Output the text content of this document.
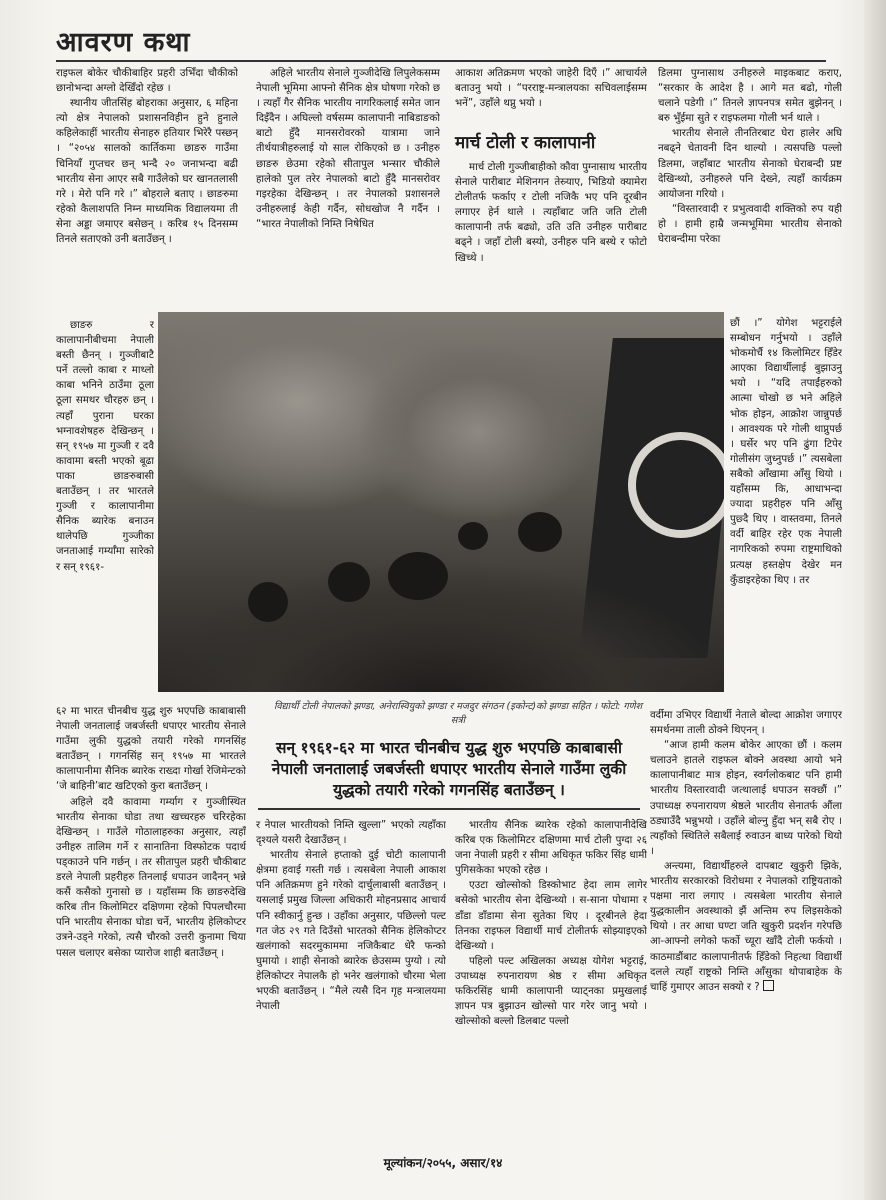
आवरण कथा

राइफल बोकेर चौकीबाहिर प्रहरी उभिँदा चौकीको छानोभन्दा अग्लो देखिँदो रहेछ ।

स्थानीय जीतसिंह बोहराका अनुसार, ६ महिना त्यो क्षेत्र नेपालको प्रशासनविहीन हुने हुनाले कहिलेकाहीं भारतीय सेनाहरु हतियार भिरेरै पस्छन् । “२०५४ सालको कार्तिकमा छाङरु गाउँमा चिनियाँ गुप्तचर छन् भन्दै २० जनाभन्दा बढी भारतीय सेना आएर सबै गाउँलेको घर खानतलासी गरे । मेरो पनि गरे ।” बोहराले बताए । छाङरुमा रहेको कैलाशपति निम्न माध्यमिक विद्यालयमा ती सेना अड्डा जमाएर बसेछन् । करिब १५ दिनसम्म तिनले सताएको उनी बताउँछन् ।

छाङरु र कालापानीबीचमा नेपाली बस्ती छैनन् । गुञ्जीबाटै पर्ने तल्लो काबा र माथ्लो काबा भनिने ठाउँमा ठूला ठूला समथर चौरहरु छन् । त्यहाँ पुराना घरका भग्नावशेषहरु देखिन्छन् । सन् १९५७ मा गुञ्जी र दवै कावामा बस्ती भएको बूढा पाका छाङरुबासी बताउँछन् । तर भारतले गुञ्जी र कालापानीमा सैनिक ब्यारेक बनाउन थालेपछि गुञ्जीका जनताआई गर्म्याँमा सारेको र सन् १९६१-

६२ मा भारत चीनबीच युद्ध शुरु भएपछि काबाबासी नेपाली जनतालाई जबर्जस्ती धपाएर भारतीय सेनाले गाउँमा लुकी युद्धको तयारी गरेको गगनसिंह बताउँछन् । गगनसिंह सन् १९५७ मा भारतले कालापानीमा सैनिक ब्यारेक राख्दा गोर्खा रेजिमेन्टको ‘जे बाहिनी’बाट खटिएको कुरा बताउँछन् ।

अहिले दवै कावामा गर्म्याग र गुञ्जीस्थित भारतीय सेनाका घोडा तथा खच्चरहरु चरिरहेका देखिन्छन् । गाउँले गोठालाहरुका अनुसार, त्यहाँ उनीहरु तालिम गर्ने र सानातिना विस्फोटक पदार्थ पड्काउने पनि गर्छन् । तर सीतापुल प्रहरी चौकीबाट डरले नेपाली प्रहरीहरु तिनलाई धपाउन जादैनन् भन्ने कसैं कसैको गुनासो छ । यहाँसम्म कि छाङरुदेखि करिब तीन किलोमिटर दक्षिणमा रहेको पिपलचौरमा पनि भारतीय सेनाका घोडा चर्ने, भारतीय हेलिकोप्टर उत्रने-उड्ने गरेको, त्यसै चौरको उत्तरी कुनामा चिया पसल चलाएर बसेका प्यारोज शाही बताउँछन् ।

अहिले भारतीय सेनाले गुञ्जीदेखि लिपुलेकसम्म नेपाली भूमिमा आफ्नो सैनिक क्षेत्र घोषणा गरेको छ । त्यहाँ गैर सैनिक भारतीय नागरिकलाई समेत जान दिइँदैन । अघिल्लो वर्षसम्म कालापानी नाबिडाङको बाटो हुँदै मानसरोवरको यात्रामा जाने तीर्थयात्रीहरुलाई यो साल रोकिएको छ । उनीहरु छाङरु छेउमा रहेको सीतापुल भन्सार चौकीले हालेको पुल तरेर नेपालको बाटो हुँदै मानसरोवर गइरहेका देखिन्छन् । तर नेपालको प्रशासनले उनीहरुलाई केही गर्दैन, सोधखोज नै गर्दैन । “भारत नेपालीको निम्ति निषेधित

र नेपाल भारतीयको निम्ति खुल्ला” भएको त्यहाँका दृश्यले यसरी देखाउँछन् ।

भारतीय सेनाले हप्ताको दुई चोटी कालापानी क्षेत्रमा हवाई गस्ती गर्छ । त्यसबेला नेपाली आकाश पनि अतिक्रमण हुने गरेको दार्चुलाबासी बताउँछन् । यसलाई प्रमुख जिल्ला अधिकारी मोहनप्रसाद आचार्य पनि स्वीकार्नु हुन्छ । उहाँका अनुसार, पछिल्लो पल्ट गत जेठ २९ गते दिउँसो भारतको सैनिक हेलिकोप्टर खलंगाको सदरमुकाममा नजिकैबाट धेरै फन्को घुमायो । शाही सेनाको ब्यारेक छेउसम्म पुग्यो । त्यो हेलिकोप्टर नेपालकै हो भनेर खलंगाको चौरमा भेला भएकी बताउँछन् । “मैले त्यसै दिन गृह मन्त्रालयमा नेपाली

आकाश अतिक्रमण भएको जाहेरी दिएँ ।” आचार्यले बताउनु भयो । “परराष्ट्र-मन्त्रालयका सचिवलाईसम्म भनें”, उहाँले थप्नु भयो ।

मार्च टोली र कालापानी

मार्च टोली गुञ्जीबाहीको कौवा पुग्नासाथ भारतीय सेनाले पारीबाट मेशिनगन तेस्र्याए, भिडियो क्यामेरा टोलीतर्फ फर्काए र टोली नजिकै भए पनि दूरबीन लगाएर हेर्न थाले । त्यहाँबाट जति जति टोली कालापानी तर्फ बढ्यो, उति उति उनीहरु पारीबाट बढ्ने । जहाँ टोली बस्यो, उनीहरु पनि बस्थे र फोटो खिच्थे ।

भारतीय सैनिक ब्यारेक रहेको कालापानीदेखि करिब एक किलोमिटर दक्षिणमा मार्च टोली पुग्दा २६ जना नेपाली प्रहरी र सीमा अधिकृत फकिर सिंह धामी पुगिसकेका भएको रहेछ ।

एउटा खोल्सोको डिस्कोभाट हेदा लाम लागेर बसेको भारतीय सेना देखिन्थ्यो । स-साना पोधामा र डाँडा डाँडामा सेना सुतेका थिए । दूरबीनले हेदा तिनका राइफल विद्यार्थी मार्च टोलीतर्फ सोझ्याइएको देखिन्थ्यो ।

पहिलो पल्ट अखिलका अध्यक्ष योगेश भट्टराई, उपाध्यक्ष रुपनारायण श्रेष्ठ र सीमा अधिकृत फकिरसिंह धामी कालापानी प्याट्नका प्रमुखलाई ज्ञापन पत्र बुझाउन खोल्सो पार गरेर जानु भयो । खोल्सोको बल्लो डिलबाट पल्लो

डिलमा पुग्नासाथ उनीहरुले माइकबाट कराए, “सरकार के आदेश है । आगे मत बढो, गोली चलाने पडेगी ।” तिनले ज्ञापनपत्र समेत बुझेनन् । बरु भुँईमा सुते र राइफलमा गोली भर्न थाले ।

भारतीय सेनाले तीनतिरबाट घेरा हालेर अघि नबढ्ने चेतावनी दिन थाल्यो । त्यसपछि पल्लो डिलमा, जहाँबाट भारतीय सेनाको घेराबन्दी प्रष्ट देखिन्थ्यो, उनीहरुले पनि देख्ने, त्यहाँ कार्यक्रम आयोजना गरियो ।

“विस्तारवादी र प्रभुत्ववादी शक्तिको रुप यही हो । हामी हाम्रै जन्मभूमिमा भारतीय सेनाको घेराबन्दीमा परेका

छौं ।” योगेश भट्टराईले सम्बोधन गर्नुभयो । उहाँले भोकमोर्चै १४ किलोमिटर हिँडेर आएका विद्यार्थीलाई बुझाउनु भयो । “यदि तपाईंहरुको आत्मा चोखो छ भने अहिले भोक होइन, आक्रोश जान्नुपर्छ । आवश्यक परे गोली थाप्नुपर्छ । घर्सेर भए पनि ढुंगा टिपेर गोलीसंग जुध्नुपर्छ ।” त्यसबेला सबैको आँखामा आँसु थियो । यहाँसम्म कि, आधाभन्दा ज्यादा प्रहरीहरु पनि आँसु पुछ्दै थिए । वास्तवमा, तिनले वर्दी बाहिर रहेर एक नेपाली नागरिकको रुपमा राष्ट्रमाथिको प्रत्यक्ष हस्तक्षेप देखेर मन कुँडाइरहेका थिए । तर

वर्दीमा उभिएर विद्यार्थी नेताले बोल्दा आक्रोश जगाएर समर्थनमा ताली ठोक्ने थिएनन् ।

“आज हामी कलम बोकेर आएका छौं । कलम चलाउने हातले राइफल बोक्ने अवस्था आयो भने कालापानीबाट मात्र होइन, स्वर्गलोकबाट पनि हामी भारतीय विस्तारवादी जत्थालाई धपाउन सक्छौं ।” उपाध्यक्ष रुपनारायण श्रेष्ठले भारतीय सेनातर्फ औंला ठड्याउँदै भन्नुभयो । उहाँले बोल्नु हुँदा भन् सबै रोए । त्यहाँको स्थितिले सबैलाई रुवाउन बाध्य पारेको थियो ।

अन्त्यमा, विद्यार्थीहरुले दापबाट खुकुरी झिके, भारतीय सरकारको विरोधमा र नेपालको राष्ट्रियताको पक्षमा नारा लगाए । त्यसबेला भारतीय सेनाले युद्धकालीन अवस्थाको झैं अन्तिम रुप लिइसकेको थियो । तर आधा घण्टा जति खुकुरी प्रदर्शन गरेपछि आ-आफ्नो लगेको फर्को च्यूरा खाँदै टोली फर्कयो । काठमाडौंबाट कालापानीतर्फ हिँडेको निहत्था विद्यार्थी दलले त्यहाँ राष्ट्रको निम्ति आँसुका थोपाबाहेक के चाहिं गुमाएर आउन सक्यो र ?

विद्यार्थी टोली नेपालको झण्डा, अनेरास्वियुको झण्डा र मजदुर संगठन (इकोन्ट)को झण्डा सहित । फोटो: गणेश सत्री
सन् १९६१-६२ मा भारत चीनबीच युद्ध शुरु भएपछि काबाबासी नेपाली जनतालाई जबर्जस्ती धपाएर भारतीय सेनाले गाउँमा लुकी युद्धको तयारी गरेको गगनसिंह बताउँछन् ।
मूल्यांकन/२०५५, असार/१४
